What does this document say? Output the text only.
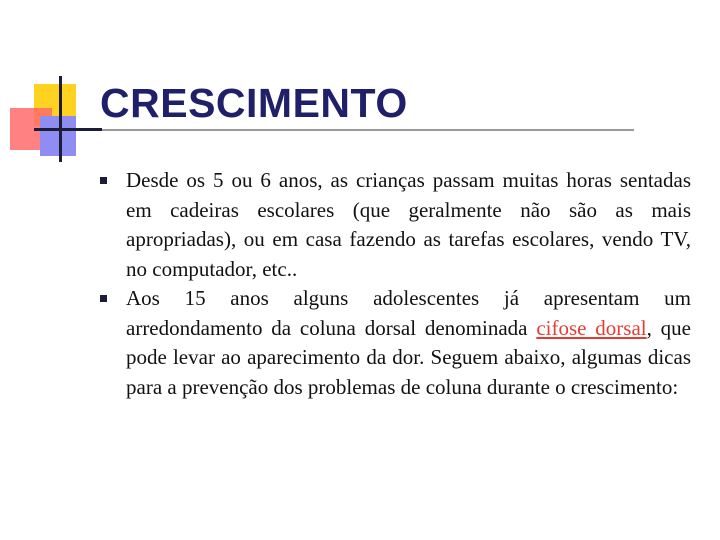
CRESCIMENTO
Desde os 5 ou 6 anos, as crianças passam muitas horas sentadas em cadeiras escolares (que geralmente não são as mais apropriadas), ou em casa fazendo as tarefas escolares, vendo TV, no computador, etc..
Aos 15 anos alguns adolescentes já apresentam um arredondamento da coluna dorsal denominada cifose dorsal, que pode levar ao aparecimento da dor. Seguem abaixo, algumas dicas para a prevenção dos problemas de coluna durante o crescimento:
